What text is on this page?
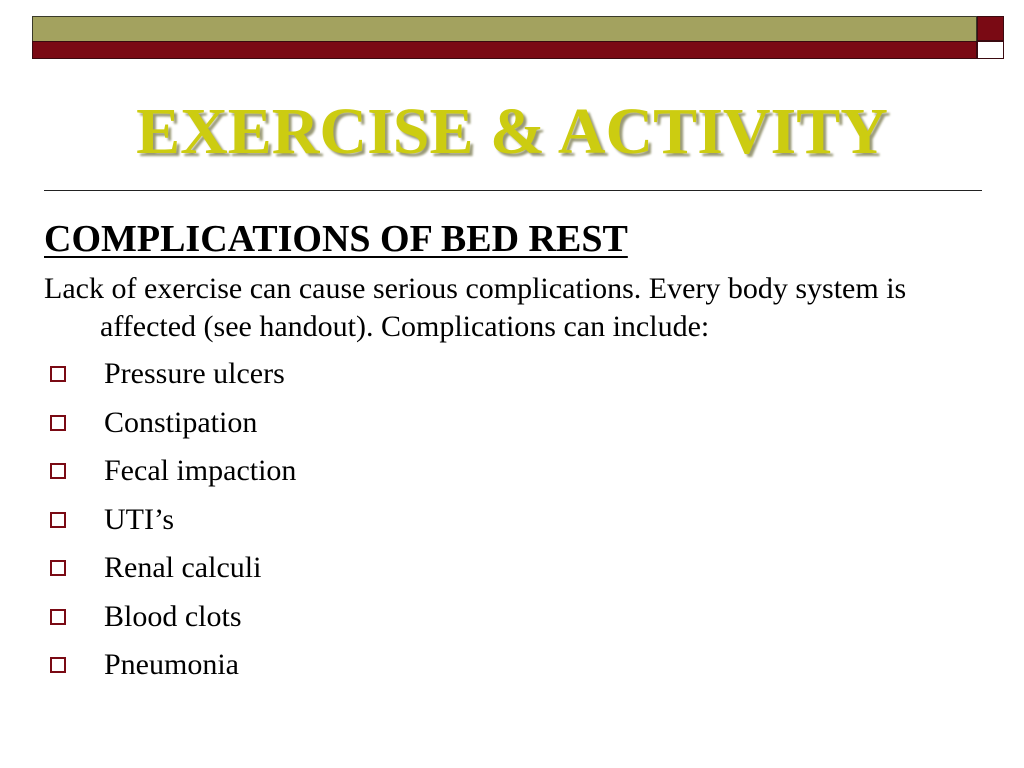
EXERCISE & ACTIVITY
COMPLICATIONS OF BED REST

Lack of exercise can cause serious complications. Every body system is affected (see handout). Complications can include:

Pressure ulcers
Constipation
Fecal impaction
UTI’s
Renal calculi
Blood clots
Pneumonia
